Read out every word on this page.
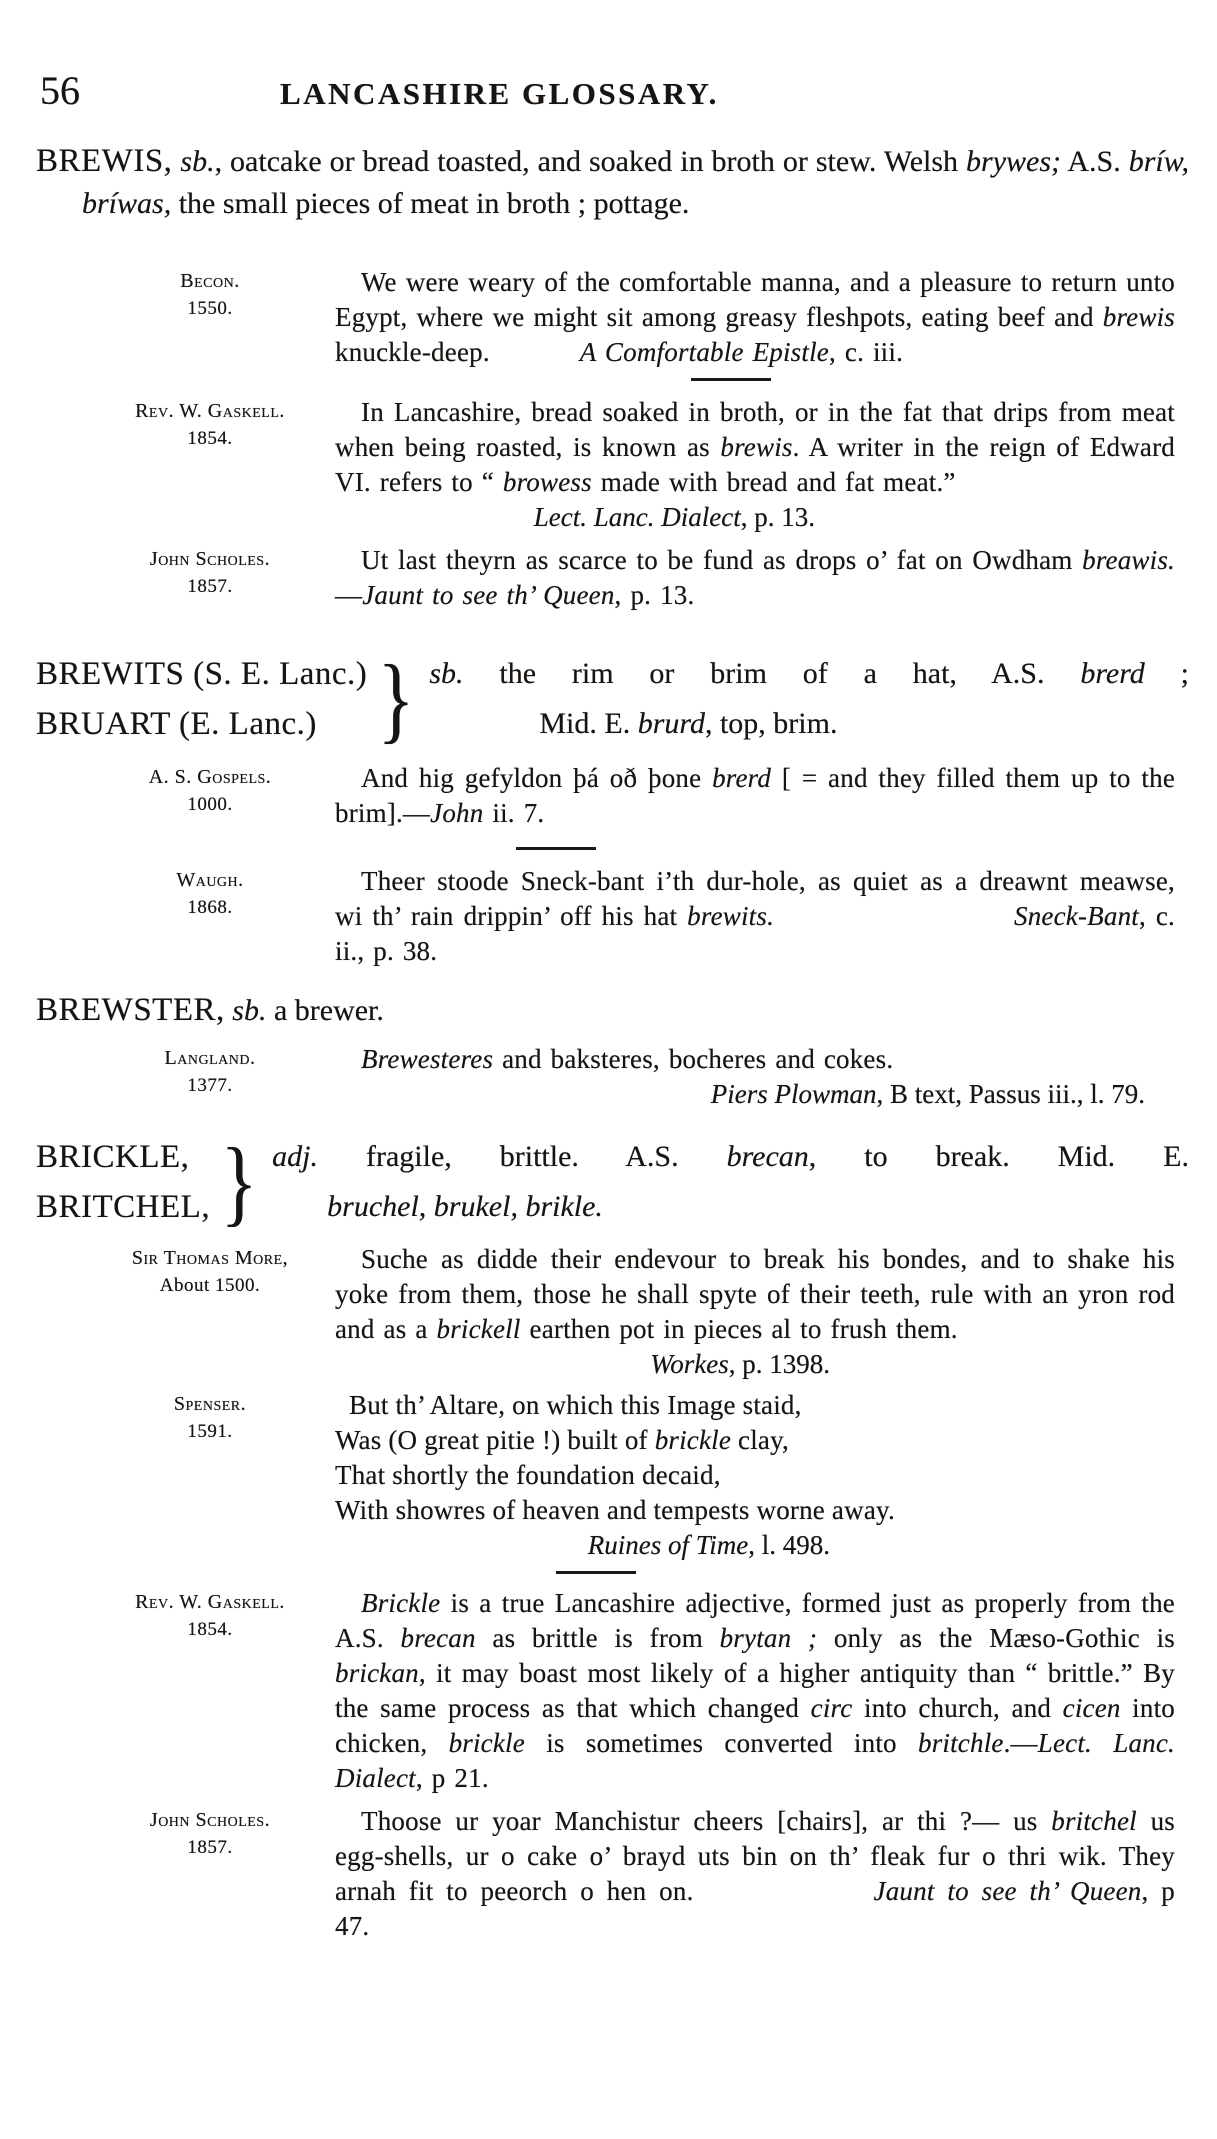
56	LANCASHIRE GLOSSARY.

BREWIS, sb., oatcake or bread toasted, and soaked in broth or stew. Welsh brywes; A.S. bríw, bríwas, the small pieces of meat in broth ; pottage.

Becon.
1550.

We were weary of the comfortable manna, and a pleasure to return unto Egypt, where we might sit among greasy fleshpots, eating beef and brewis knuckle-deep.	A Comfortable Epistle, c. iii.

Rev. W. Gaskell.
1854.

In Lancashire, bread soaked in broth, or in the fat that drips from meat when being roasted, is known as brewis. A writer in the reign of Edward VI. refers to “ browess made with bread and fat meat.”

Lect. Lanc. Dialect, p. 13.
John Scholes.
1857.

Ut last theyrn as scarce to be fund as drops o’ fat on Owdham breawis.—Jaunt to see th’ Queen, p. 13.

BREWITS (S. E. Lanc.)
BRUART (E. Lanc.) } sb. the rim or brim of a hat, A.S. brerd ;
Mid. E. brurd, top, brim.
A. S. Gospels.
1000.

And hig gefyldon þá oð þone brerd [ = and they filled them up to the brim].—John ii. 7.

Waugh.
1868.

Theer stoode Sneck-bant i’th dur-hole, as quiet as a dreawnt meawse, wi th’ rain drippin’ off his hat brewits.	Sneck-Bant, c. ii., p. 38.

BREWSTER, sb. a brewer.

Langland.
1377.

Brewesteres and baksteres, bocheres and cokes.

Piers Plowman, B text, Passus iii., l. 79.
BRICKLE,
BRITCHEL, } adj. fragile, brittle. A.S. brecan, to break. Mid. E.
bruchel, brukel, brikle.
Sir Thomas More,
About 1500.

Suche as didde their endevour to break his bondes, and to shake his yoke from them, those he shall spyte of their teeth, rule with an yron rod and as a brickell earthen pot in pieces al to frush them.

Workes, p. 1398.
Spenser.
1591.
But th’ Altare, on which this Image staid,
Was (O great pitie !) built of brickle clay,
That shortly the foundation decaid,
With showres of heaven and tempests worne away.
Ruines of Time, l. 498.
Rev. W. Gaskell.
1854.

Brickle is a true Lancashire adjective, formed just as properly from the A.S. brecan as brittle is from brytan ; only as the Mæso-Gothic is brickan, it may boast most likely of a higher antiquity than “ brittle.” By the same process as that which changed circ into church, and cicen into chicken, brickle is sometimes converted into britchle.—Lect. Lanc. Dialect, p 21.

John Scholes.
1857.

Thoose ur yoar Manchistur cheers [chairs], ar thi ?— us britchel us egg-shells, ur o cake o’ brayd uts bin on th’ fleak fur o thri wik. They arnah fit to peeorch o hen on.	Jaunt to see th’ Queen, p 47.
